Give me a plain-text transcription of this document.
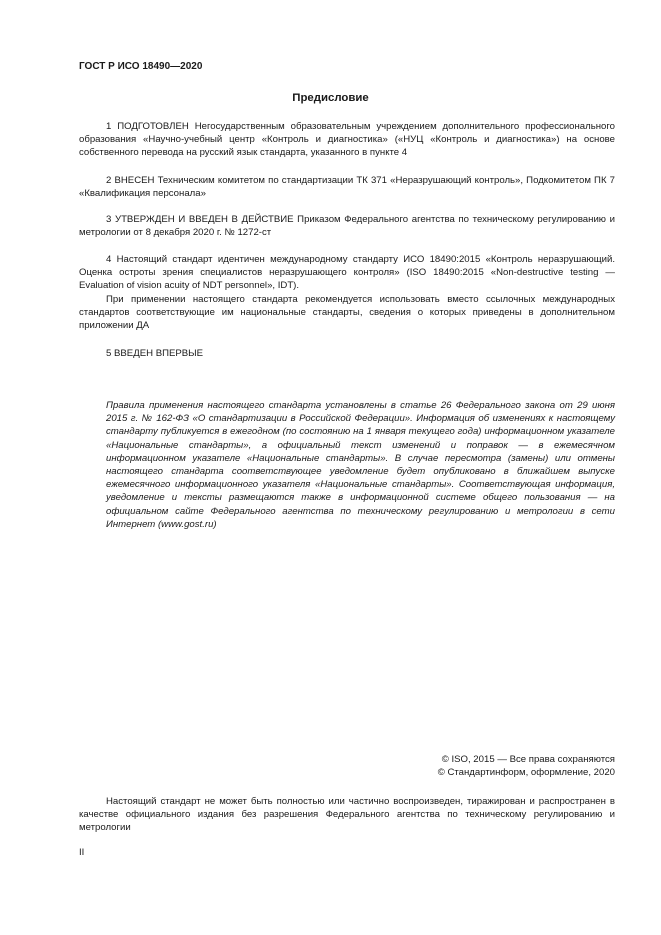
ГОСТ Р ИСО 18490—2020
Предисловие

1 ПОДГОТОВЛЕН Негосударственным образовательным учреждением дополнительного профессионального образования «Научно-учебный центр «Контроль и диагностика» («НУЦ «Контроль и диагностика») на основе собственного перевода на русский язык стандарта, указанного в пункте 4

2 ВНЕСЕН Техническим комитетом по стандартизации ТК 371 «Неразрушающий контроль», Подкомитетом ПК 7 «Квалификация персонала»

3 УТВЕРЖДЕН И ВВЕДЕН В ДЕЙСТВИЕ Приказом Федерального агентства по техническому регулированию и метрологии от 8 декабря 2020 г. № 1272-ст

4 Настоящий стандарт идентичен международному стандарту ИСО 18490:2015 «Контроль неразрушающий. Оценка остроты зрения специалистов неразрушающего контроля» (ISO 18490:2015 «Non-destructive testing — Evaluation of vision acuity of NDT personnel», IDT).

При применении настоящего стандарта рекомендуется использовать вместо ссылочных международных стандартов соответствующие им национальные стандарты, сведения о которых приведены в дополнительном приложении ДА

5 ВВЕДЕН ВПЕРВЫЕ

Правила применения настоящего стандарта установлены в статье 26 Федерального закона от 29 июня 2015 г. № 162-ФЗ «О стандартизации в Российской Федерации». Информация об изменениях к настоящему стандарту публикуется в ежегодном (по состоянию на 1 января текущего года) информационном указателе «Национальные стандарты», а официальный текст изменений и поправок — в ежемесячном информационном указателе «Национальные стандарты». В случае пересмотра (замены) или отмены настоящего стандарта соответствующее уведомление будет опубликовано в ближайшем выпуске ежемесячного информационного указателя «Национальные стандарты». Соответствующая информация, уведомление и тексты размещаются также в информационной системе общего пользования — на официальном сайте Федерального агентства по техническому регулированию и метрологии в сети Интернет (www.gost.ru)
© ISO, 2015 — Все права сохраняются
© Стандартинформ, оформление, 2020

Настоящий стандарт не может быть полностью или частично воспроизведен, тиражирован и распространен в качестве официального издания без разрешения Федерального агентства по техническому регулированию и метрологии

II
